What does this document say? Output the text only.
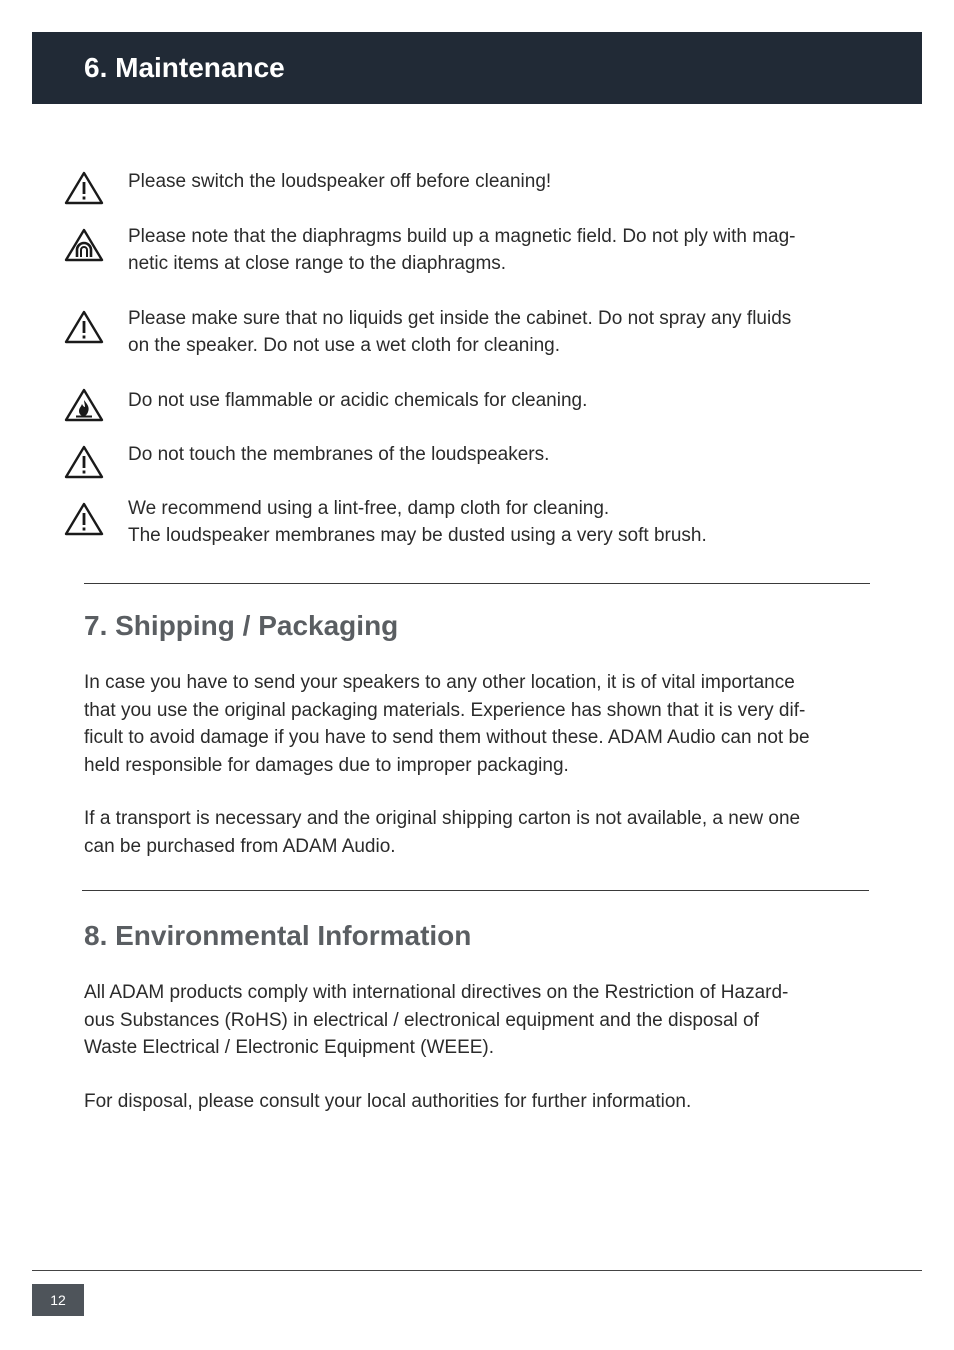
6. Maintenance
Please switch the loudspeaker off before cleaning!
Please note that the diaphragms build up a magnetic field. Do not ply with mag-
netic items at close range to the diaphragms.
Please make sure that no liquids get inside the cabinet. Do not spray any fluids
on the speaker. Do not use a wet cloth for cleaning.
Do not use flammable or acidic chemicals for cleaning.
Do not touch the membranes of the loudspeakers.
We recommend using a lint-free, damp cloth for cleaning.
The loudspeaker membranes may be dusted using a very soft brush.
7. Shipping / Packaging
In case you have to send your speakers to any other location, it is of vital importance
that you use the original packaging materials. Experience has shown that it is very dif-
ficult to avoid damage if you have to send them without these. ADAM Audio can not be
held responsible for damages due to improper packaging.
If a transport is necessary and the original shipping carton is not available, a new one
can be purchased from ADAM Audio.
8. Environmental Information
All ADAM products comply with international directives on the Restriction of Hazard-
ous Substances (RoHS) in electrical / electronical equipment and the disposal of
Waste Electrical / Electronic Equipment (WEEE).
For disposal, please consult your local authorities for further information.
12
